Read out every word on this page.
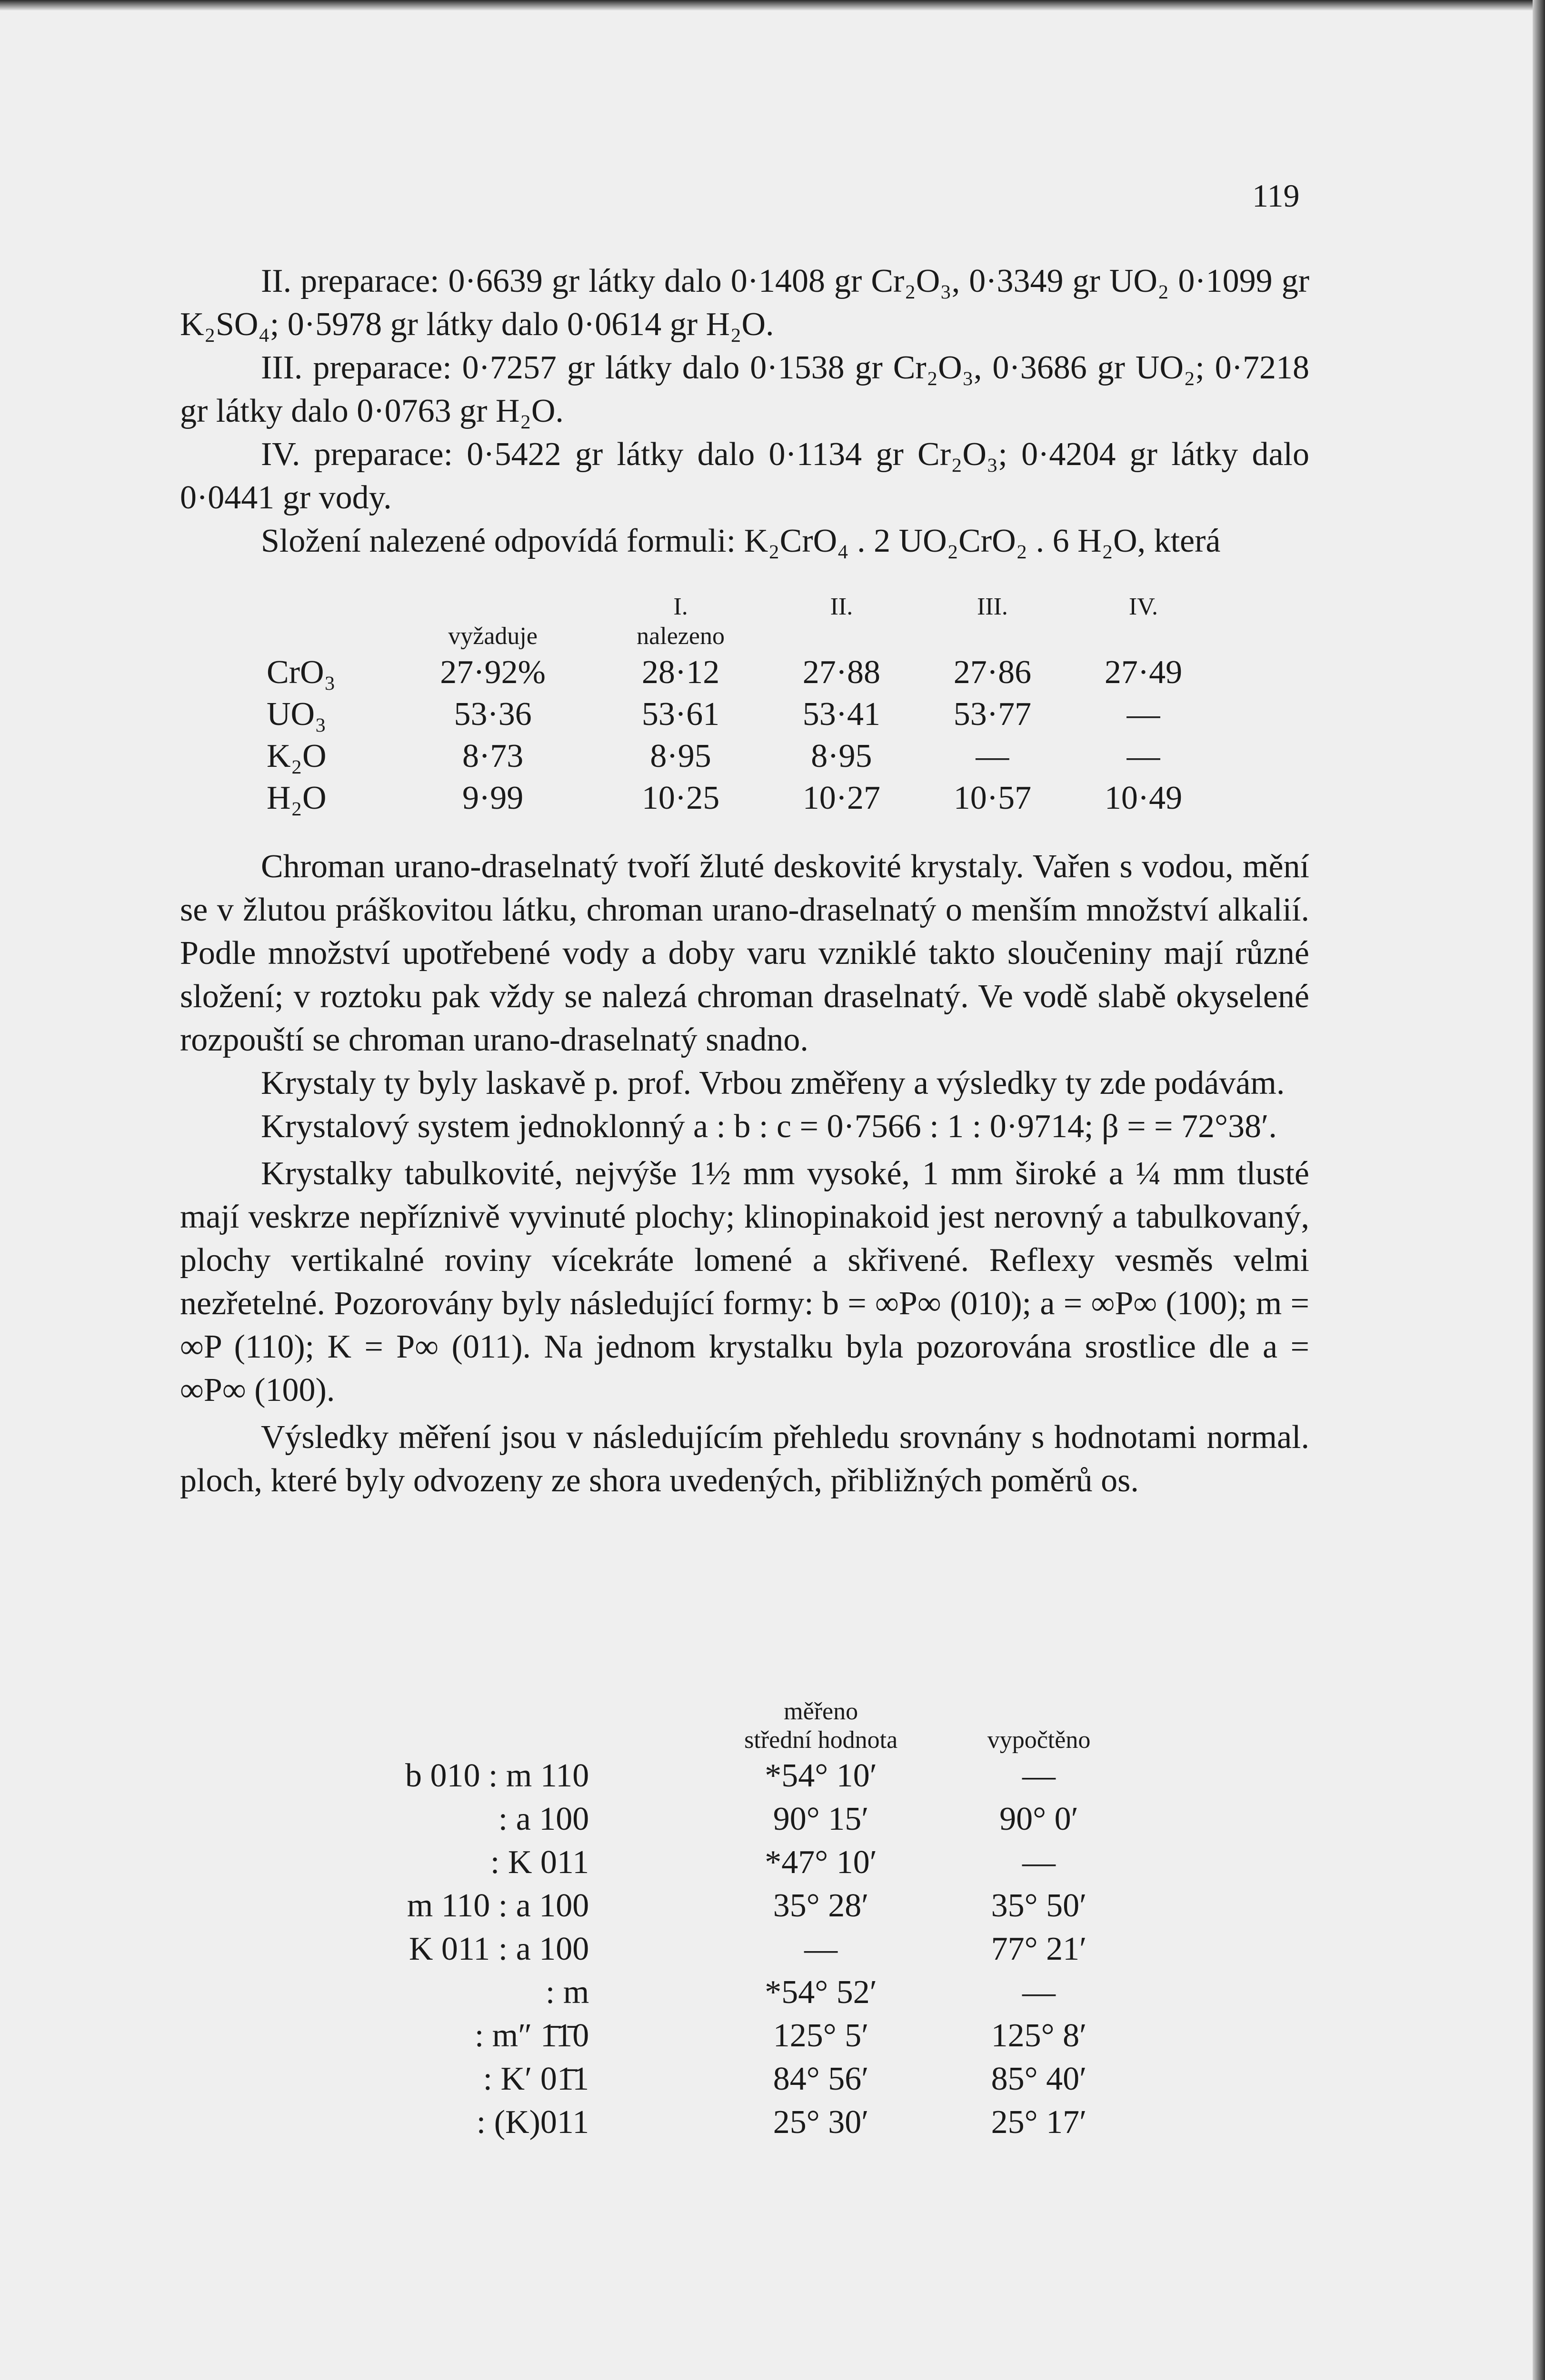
119

II. preparace: 0·6639 gr látky dalo 0·1408 gr Cr₂O₃, 0·3349 gr UO₂ 0·1099 gr K₂SO₄; 0·5978 gr látky dalo 0·0614 gr H₂O.

III. preparace: 0·7257 gr látky dalo 0·1538 gr Cr₂O₃, 0·3686 gr UO₂; 0·7218 gr látky dalo 0·0763 gr H₂O.

IV. preparace: 0·5422 gr látky dalo 0·1134 gr Cr₂O₃; 0·4204 gr látky dalo 0·0441 gr vody.

Složení nalezené odpovídá formuli: K₂CrO₄ . 2 UO₂CrO₂ . 6 H₂O, která

		I.	II.	III.	IV.
	vyžaduje	nalezeno			
CrO₃	27·92%	28·12	27·88	27·86	27·49
UO₃	53·36	53·61	53·41	53·77	—
K₂O	8·73	8·95	8·95	—	—
H₂O	9·99	10·25	10·27	10·57	10·49

Chroman urano-draselnatý tvoří žluté deskovité krystaly. Vařen s vodou, mění se v žlutou práškovitou látku, chroman urano-draselnatý o menším množství alkalií. Podle množství upotřebené vody a doby varu vzniklé takto sloučeniny mají různé složení; v roztoku pak vždy se nalezá chroman draselnatý. Ve vodě slabě okyselené rozpouští se chroman urano-draselnatý snadno.

Krystaly ty byly laskavě p. prof. Vrbou změřeny a výsledky ty zde podávám.

Krystalový system jednoklonný a : b : c = 0·7566 : 1 : 0·9714; β = = 72°38′.

Krystalky tabulkovité, nejvýše 1½ mm vysoké, 1 mm široké a ¼ mm tlusté mají veskrze nepříznivě vyvinuté plochy; klinopinakoid jest nerovný a tabulkovaný, plochy vertikalné roviny vícekráte lomené a skřivené. Reflexy vesměs velmi nezřetelné. Pozorovány byly následující formy: b = ∞P∞ (010); a = ∞P∞ (100); m = ∞P (110); K = P∞ (011). Na jednom krystalku byla pozorována srostlice dle a = ∞P∞ (100).

Výsledky měření jsou v následujícím přehledu srovnány s hodnotami normal. ploch, které byly odvozeny ze shora uvedených, přibližných poměrů os.

		měřeno		
		střední hodnota	vypočtěno	
b 010 : m 110		*54° 10′	—	
: a 100		90° 15′	90° 0′	
: K 011		*47° 10′	—	
m 110 : a 100		35° 28′	35° 50′	
K 011 : a 100		—	77° 21′	
: m		*54° 52′	—	
: m″ 1̄1̄0		125° 5′	125° 8′	
: K′ 01̄1		84° 56′	85° 40′	
: (K)011		25° 30′	25° 17′	
